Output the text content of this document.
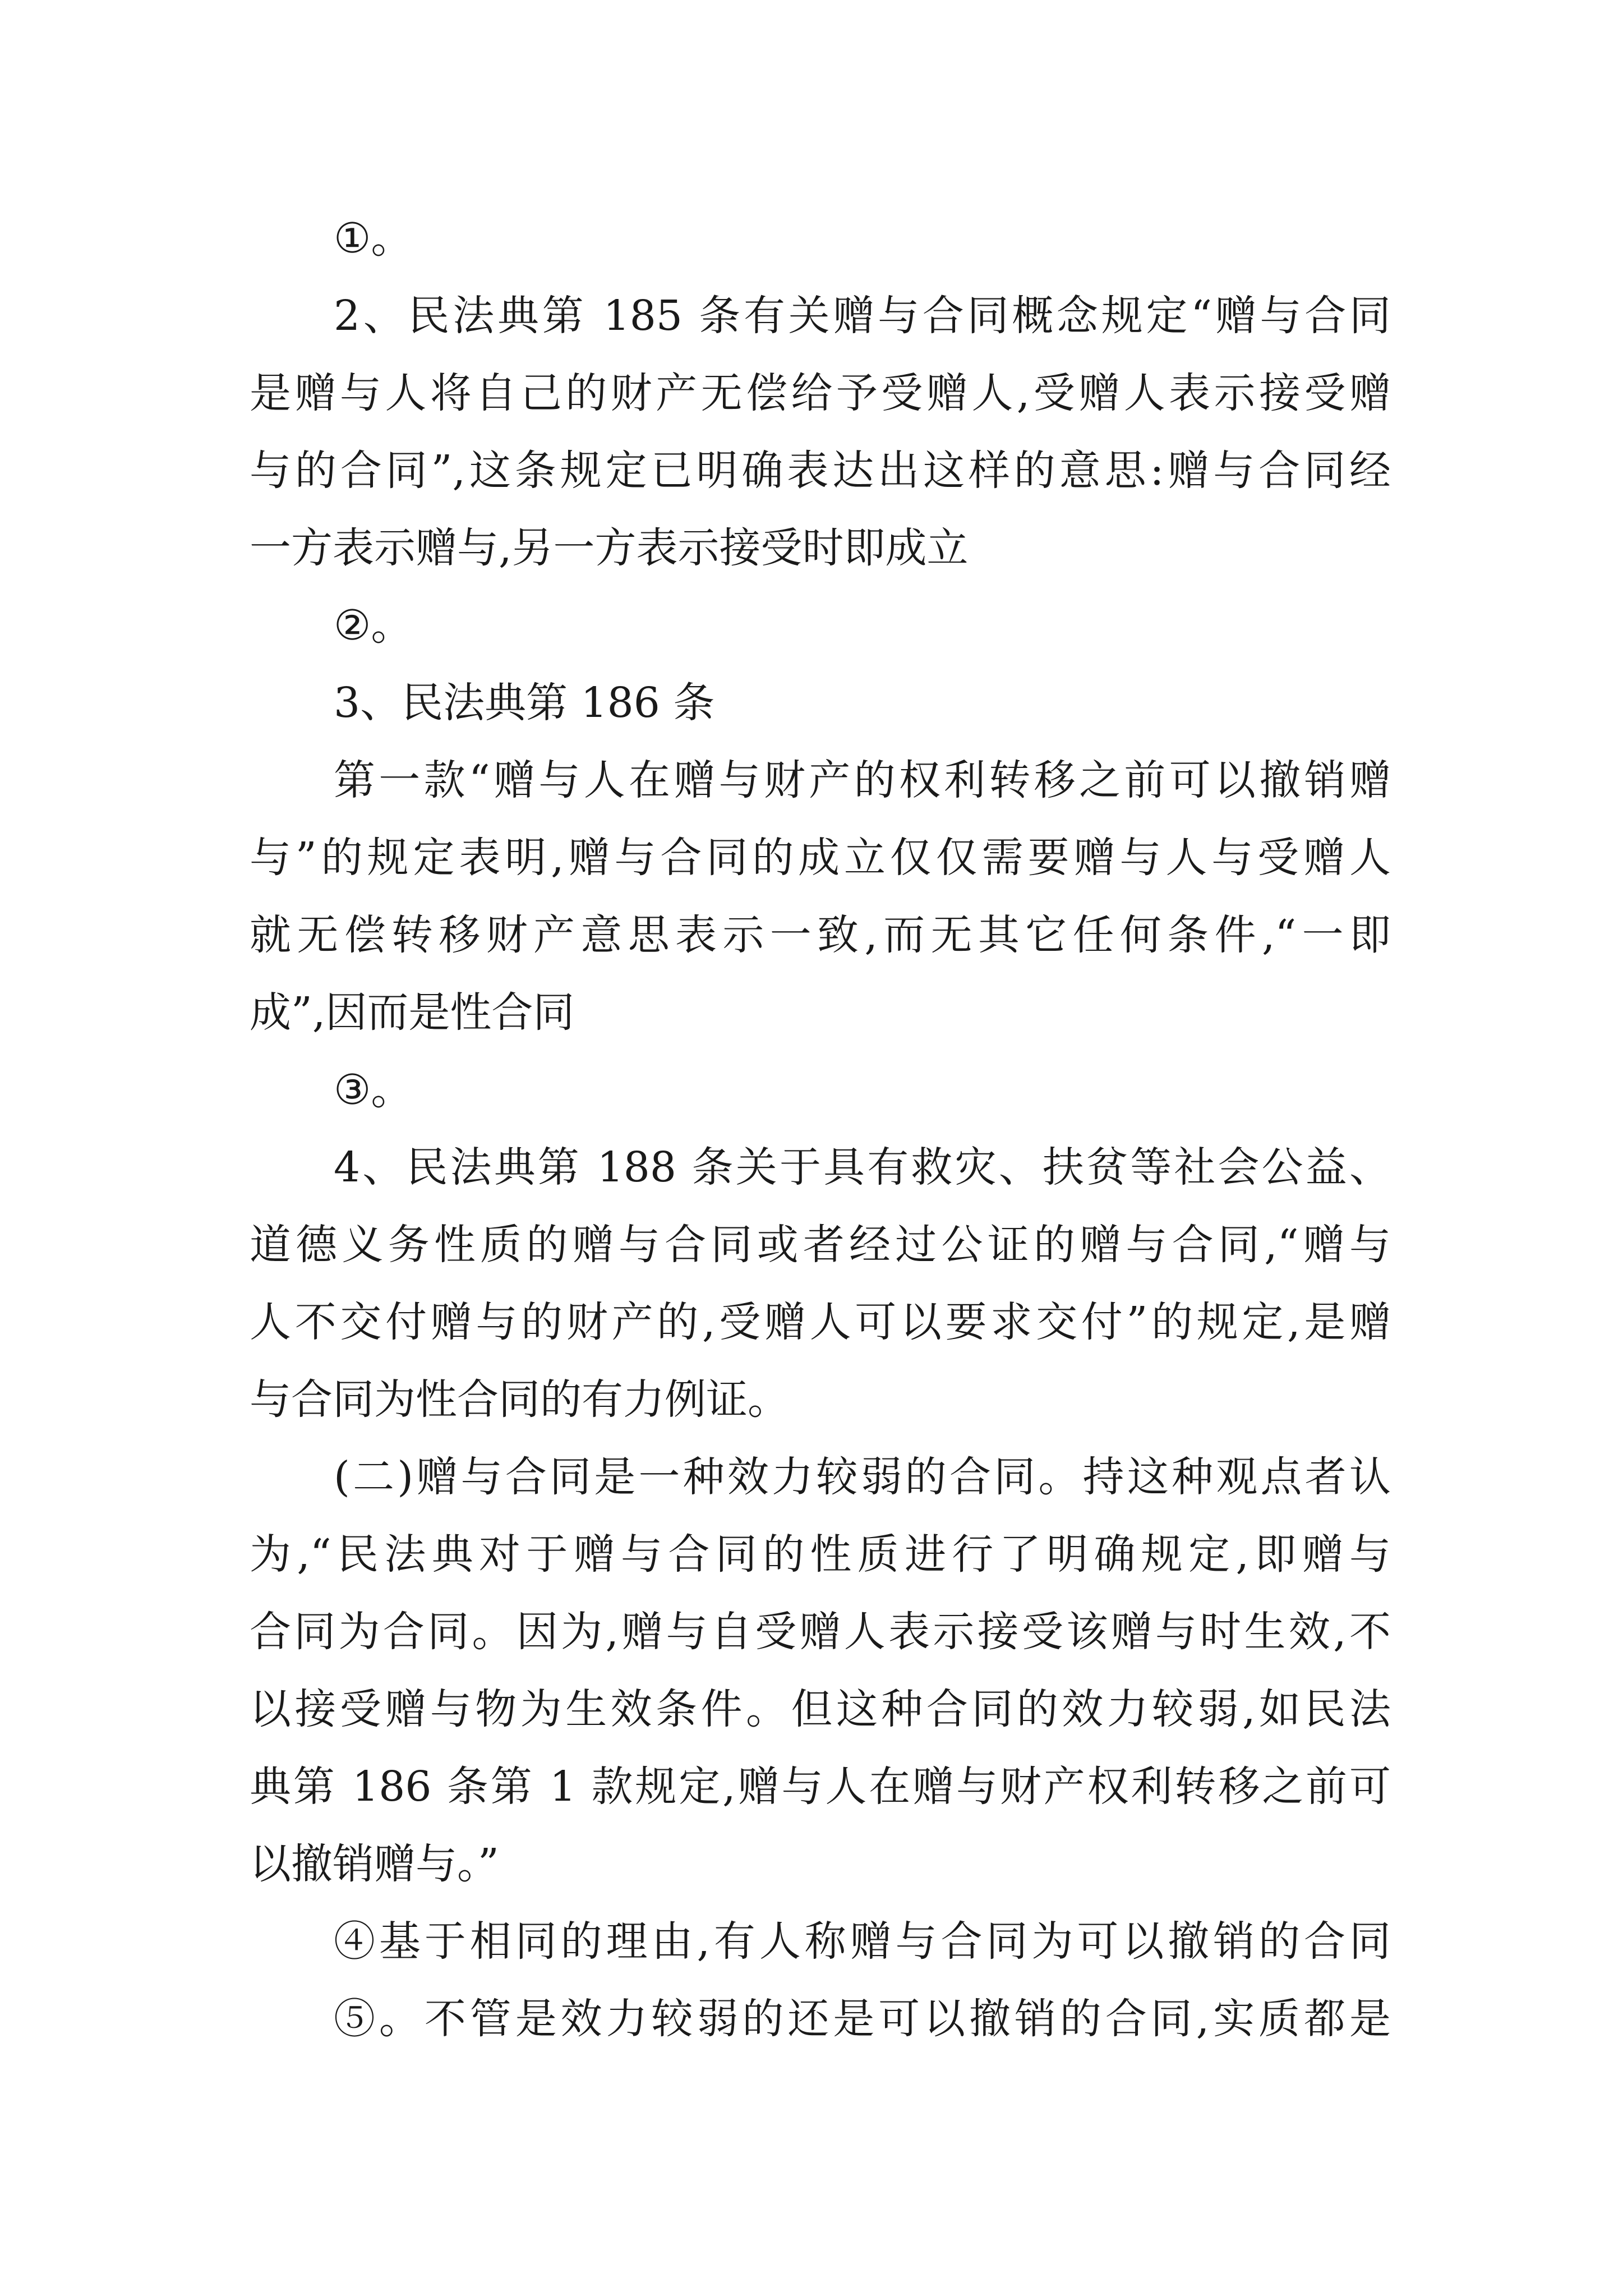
①。
2、民法典第 185 条有关赠与合同概念规定“赠与合同
是赠与人将自己的财产无偿给予受赠人,受赠人表示接受赠
与的合同”,这条规定已明确表达出这样的意思:赠与合同经
一方表示赠与,另一方表示接受时即成立
②。
3、民法典第 186 条
第一款“赠与人在赠与财产的权利转移之前可以撤销赠
与”的规定表明,赠与合同的成立仅仅需要赠与人与受赠人
就无偿转移财产意思表示一致,而无其它任何条件,“一即
成”,因而是性合同
③。
4、民法典第 188 条关于具有救灾、扶贫等社会公益、
道德义务性质的赠与合同或者经过公证的赠与合同,“赠与
人不交付赠与的财产的,受赠人可以要求交付”的规定,是赠
与合同为性合同的有力例证。
(二)赠与合同是一种效力较弱的合同。持这种观点者认
为,“民法典对于赠与合同的性质进行了明确规定,即赠与
合同为合同。因为,赠与自受赠人表示接受该赠与时生效,不
以接受赠与物为生效条件。但这种合同的效力较弱,如民法
典第 186 条第 1 款规定,赠与人在赠与财产权利转移之前可
以撤销赠与。”
④基于相同的理由,有人称赠与合同为可以撤销的合同
⑤。不管是效力较弱的还是可以撤销的合同,实质都是
